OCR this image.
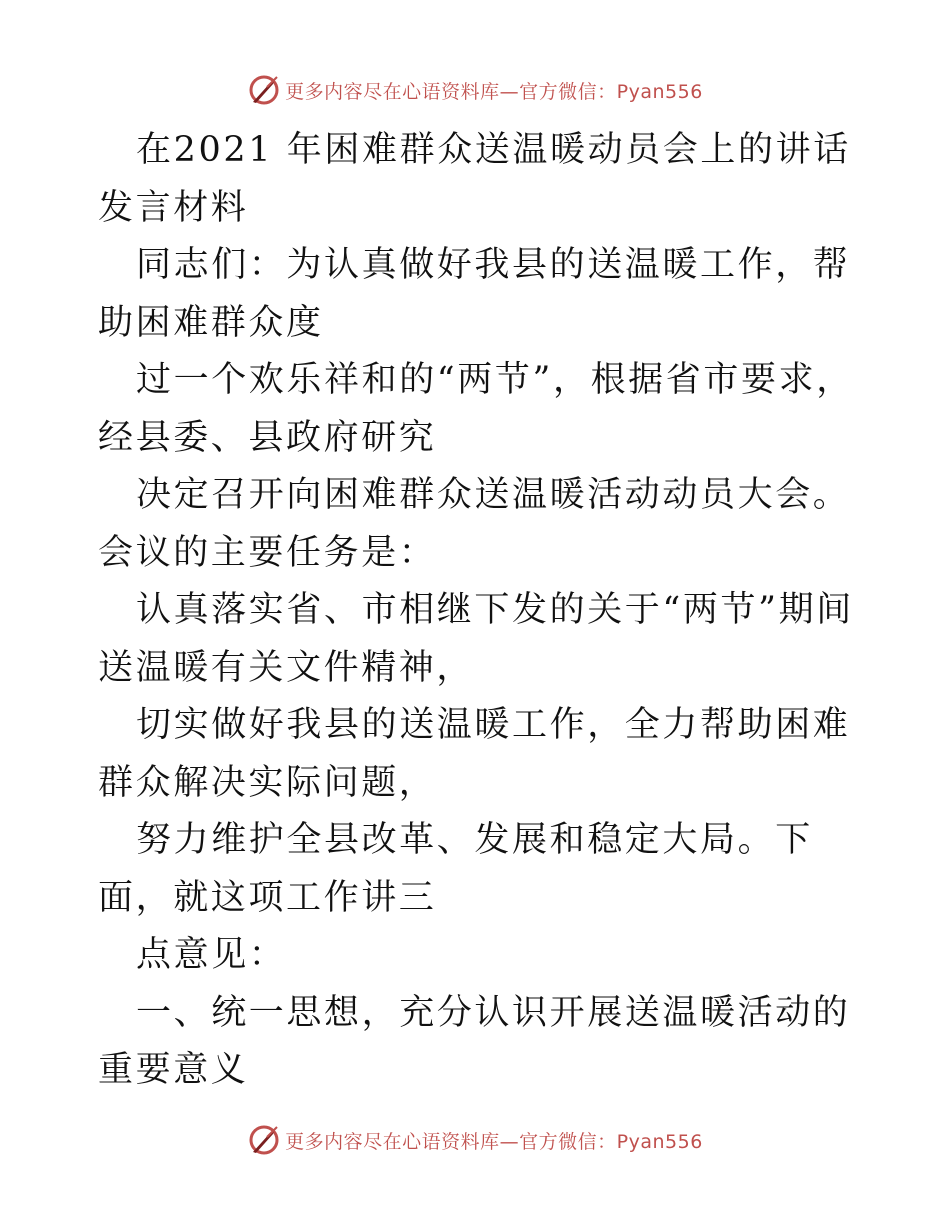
更多内容尽在心语资料库—官方微信：Pyan556

在2021 年困难群众送温暖动员会上的讲话发言材料

同志们：为认真做好我县的送温暖工作，帮助困难群众度

过一个欢乐祥和的“两节”，根据省市要求，经县委、县政府研究

决定召开向困难群众送温暖活动动员大会。会议的主要任务是：

认真落实省、市相继下发的关于“两节”期间送温暖有关文件精神，

切实做好我县的送温暖工作，全力帮助困难群众解决实际问题，

努力维护全县改革、发展和稳定大局。下面，就这项工作讲三

点意见：

一、统一思想，充分认识开展送温暖活动的重要意义

更多内容尽在心语资料库—官方微信：Pyan556
